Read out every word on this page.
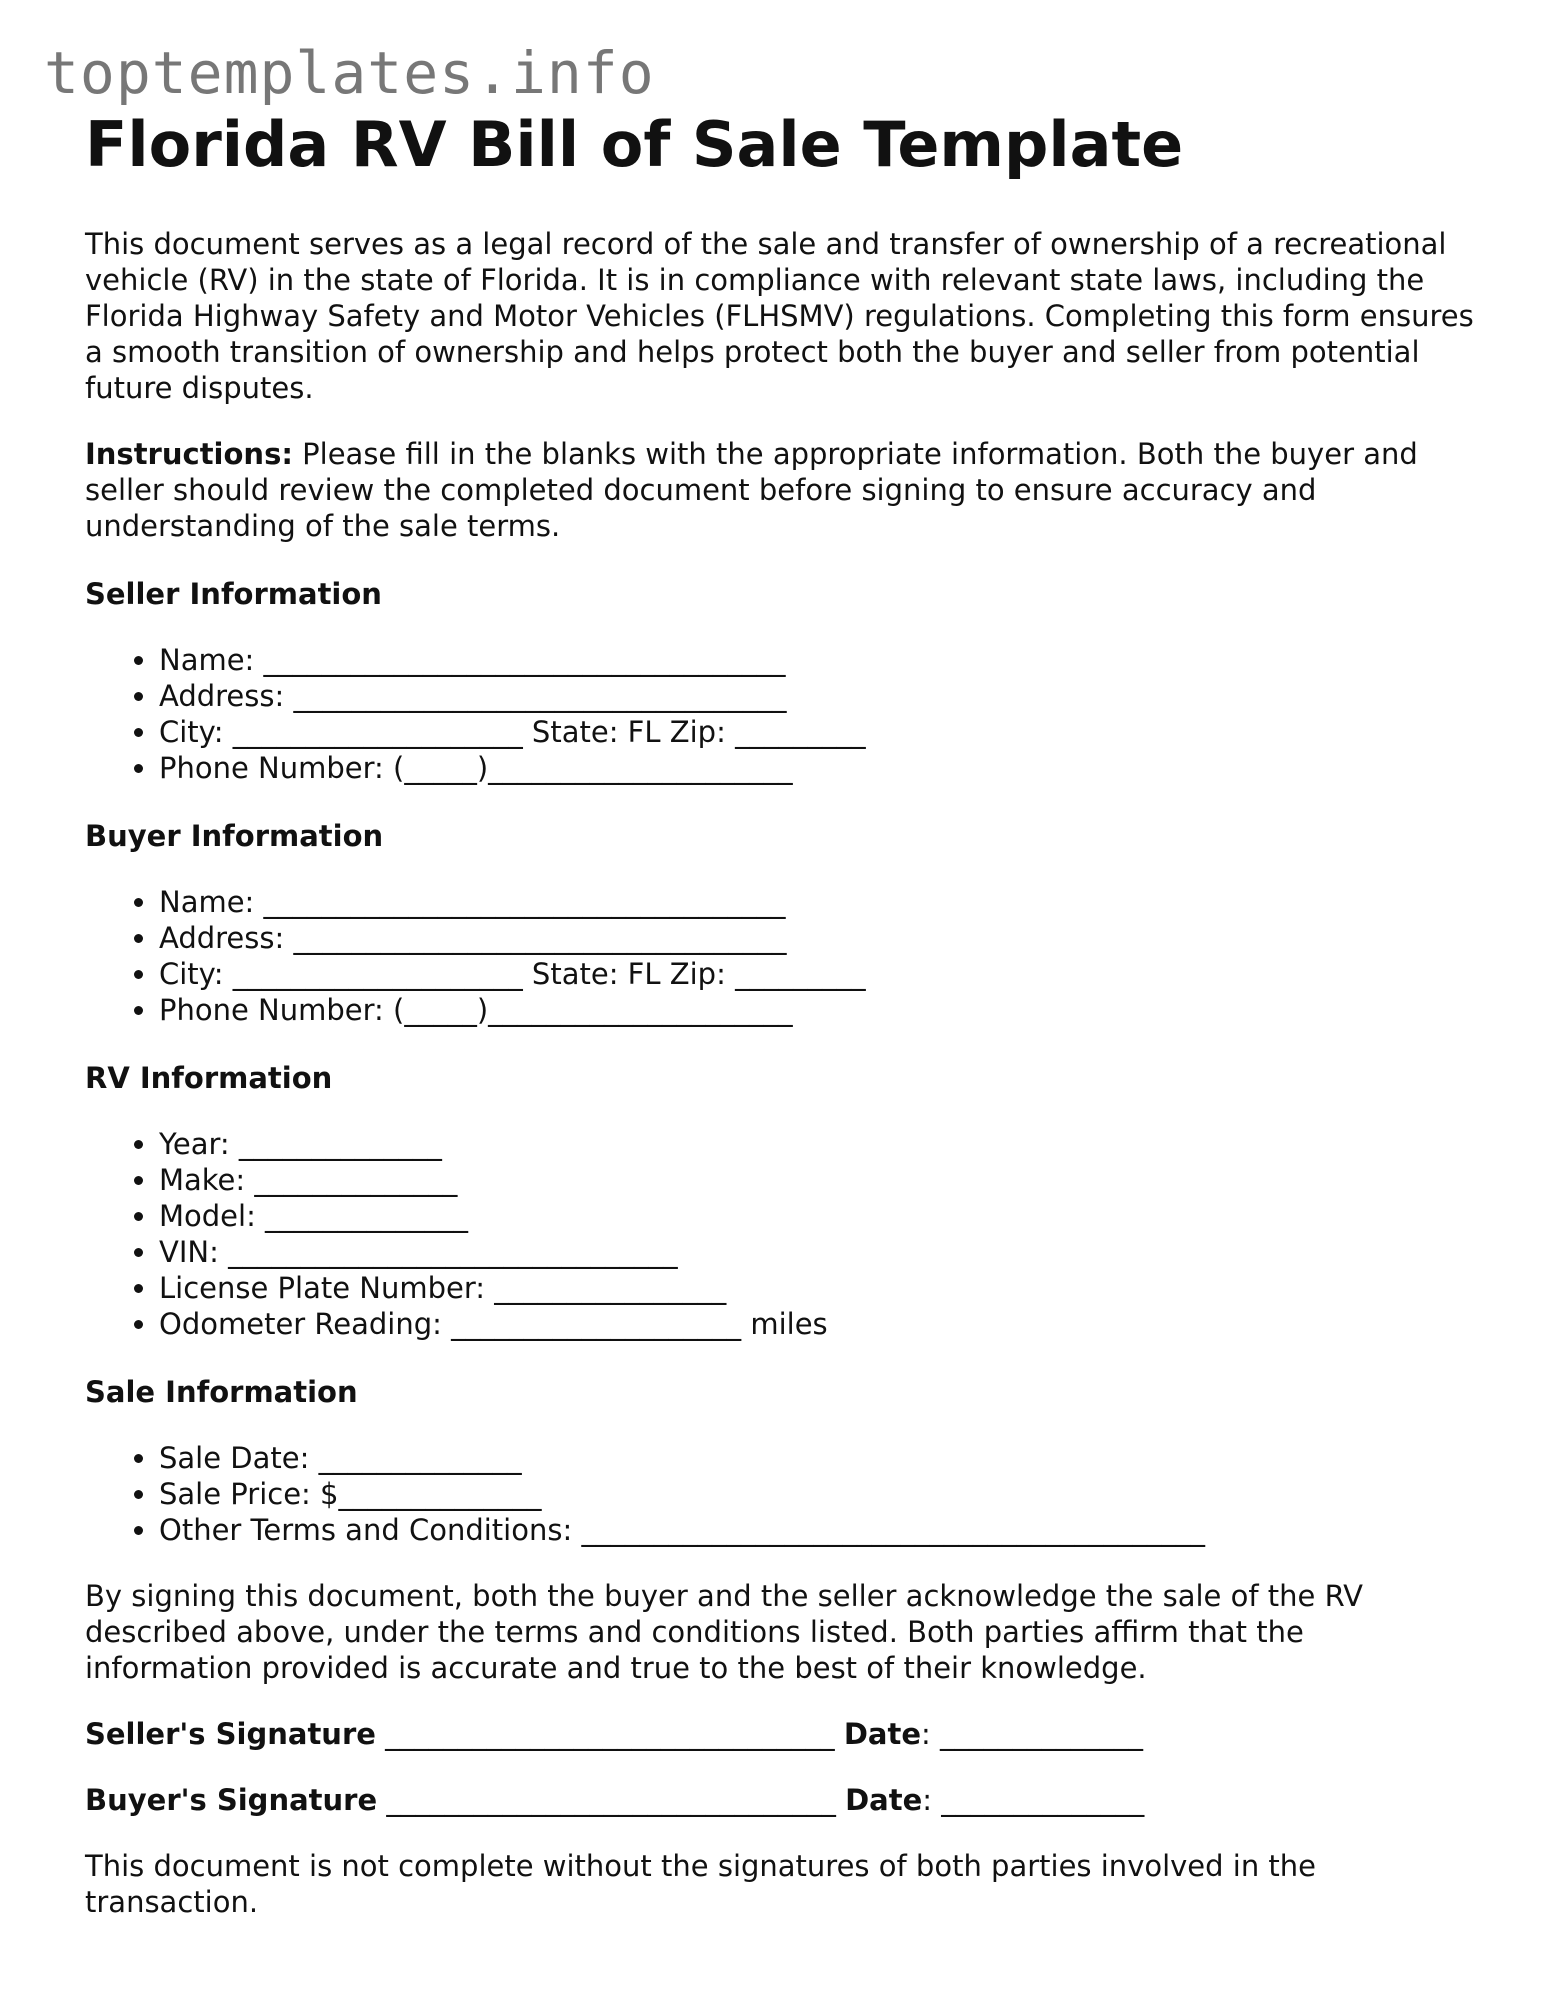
toptemplates.info
Florida RV Bill of Sale Template

This document serves as a legal record of the sale and transfer of ownership of a recreational vehicle (RV) in the state of Florida. It is in compliance with relevant state laws, including the Florida Highway Safety and Motor Vehicles (FLHSMV) regulations. Completing this form ensures a smooth transition of ownership and helps protect both the buyer and seller from potential future disputes.

Instructions: Please fill in the blanks with the appropriate information. Both the buyer and seller should review the completed document before signing to ensure accuracy and understanding of the sale terms.

Seller Information
• Name: ____________________________________
• Address: __________________________________
• City: ____________________ State: FL Zip: _________
• Phone Number: (_____)_____________________
Buyer Information
• Name: ____________________________________
• Address: __________________________________
• City: ____________________ State: FL Zip: _________
• Phone Number: (_____)_____________________
RV Information
• Year: ______________
• Make: ______________
• Model: ______________
• VIN: _______________________________
• License Plate Number: ________________
• Odometer Reading: ____________________ miles
Sale Information
• Sale Date: ______________
• Sale Price: $______________
• Other Terms and Conditions: ___________________________________________

By signing this document, both the buyer and the seller acknowledge the sale of the RV described above, under the terms and conditions listed. Both parties affirm that the information provided is accurate and true to the best of their knowledge.

Seller's Signature _______________________________ Date: ______________
Buyer's Signature _______________________________ Date: ______________

This document is not complete without the signatures of both parties involved in the transaction.
